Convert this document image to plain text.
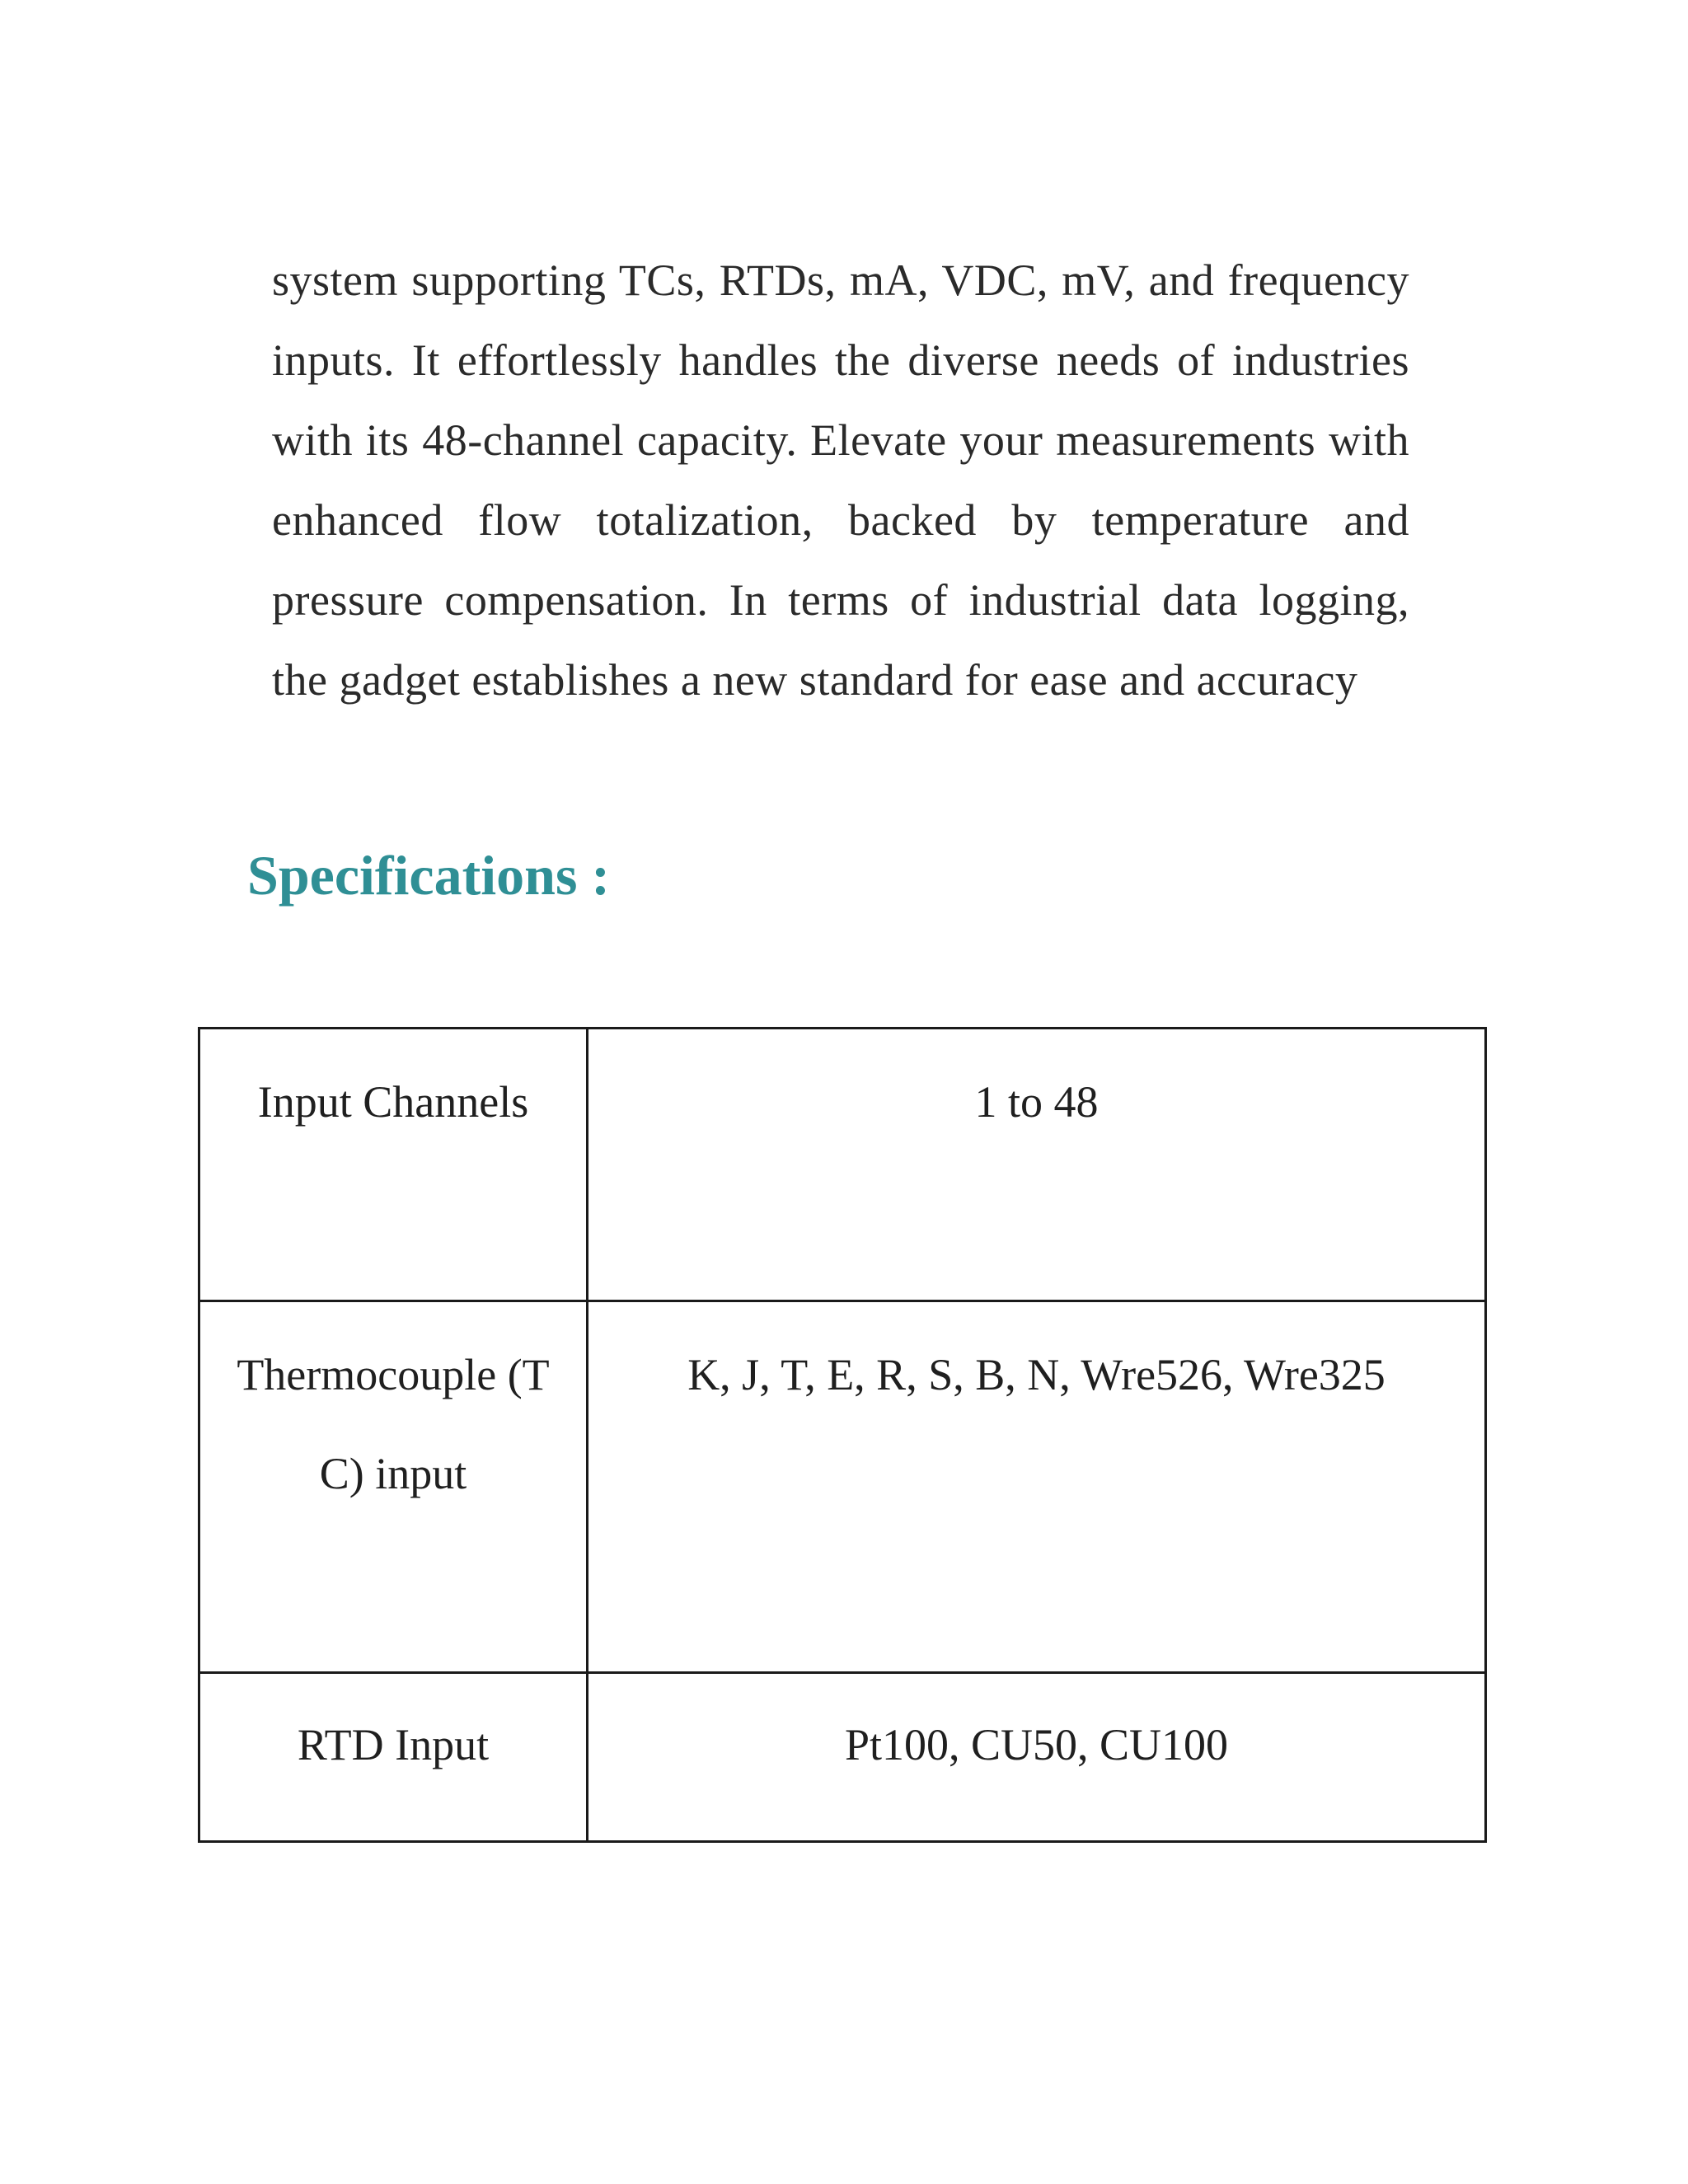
system supporting TCs, RTDs, mA, VDC, mV, and frequency inputs. It effortlessly handles the diverse needs of industries with its 48-channel capacity. Elevate your measurements with enhanced flow totalization, backed by temperature and pressure compensation. In terms of industrial data logging, the gadget establishes a new standard for ease and accuracy

Specifications :
Input Channels	1 to 48
Thermocouple (TC) input	K, J, T, E, R, S, B, N, Wre526, Wre325
RTD Input	Pt100, CU50, CU100
